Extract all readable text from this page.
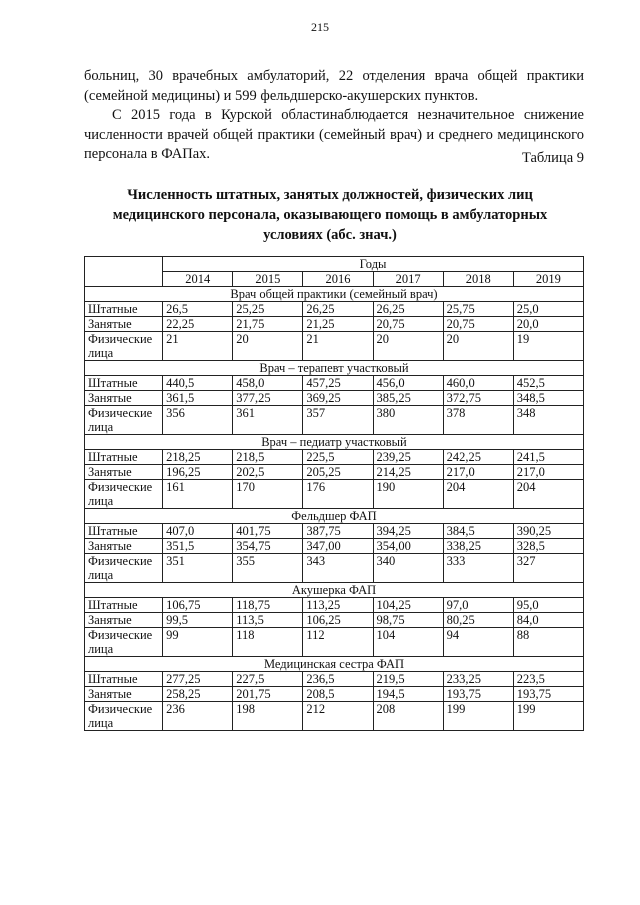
215

больниц, 30 врачебных амбулаторий, 22 отделения врача общей практики (семейной медицины) и 599 фельдшерско-акушерских пунктов.

С 2015 года в Курской областинаблюдается незначительное снижение численности врачей общей практики (семейный врач) и среднего медицинского персонала в ФАПах.	Таблица 9
Численность штатных, занятых должностей, физических лиц медицинского персонала, оказывающего помощь в амбулаторных условиях (абс. знач.)
	Годы					
	2014	2015	2016	2017	2018	2019
Врач общей практики (семейный врач)						
Штатные	26,5	25,25	26,25	26,25	25,75	25,0
Занятые	22,25	21,75	21,25	20,75	20,75	20,0
Физические лица	21	20	21	20	20	19
Врач – терапевт участковый						
Штатные	440,5	458,0	457,25	456,0	460,0	452,5
Занятые	361,5	377,25	369,25	385,25	372,75	348,5
Физические лица	356	361	357	380	378	348
Врач – педиатр участковый						
Штатные	218,25	218,5	225,5	239,25	242,25	241,5
Занятые	196,25	202,5	205,25	214,25	217,0	217,0
Физические лица	161	170	176	190	204	204
Фельдшер ФАП						
Штатные	407,0	401,75	387,75	394,25	384,5	390,25
Занятые	351,5	354,75	347,00	354,00	338,25	328,5
Физические лица	351	355	343	340	333	327
Акушерка ФАП						
Штатные	106,75	118,75	113,25	104,25	97,0	95,0
Занятые	99,5	113,5	106,25	98,75	80,25	84,0
Физические лица	99	118	112	104	94	88
Медицинская сестра ФАП						
Штатные	277,25	227,5	236,5	219,5	233,25	223,5
Занятые	258,25	201,75	208,5	194,5	193,75	193,75
Физические лица	236	198	212	208	199	199
